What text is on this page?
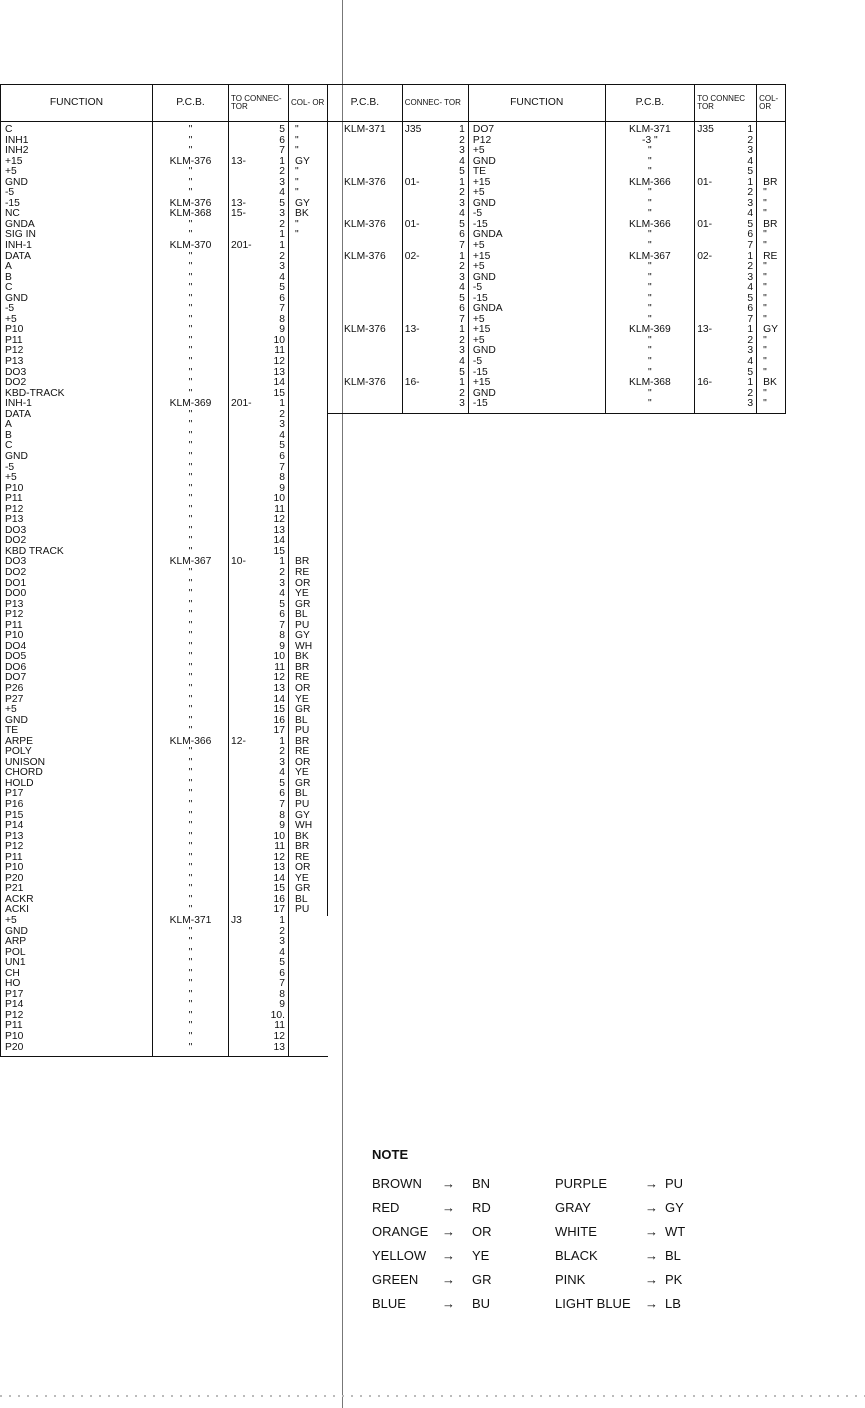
FUNCTION	P.C.B.	TO CONNEC- TOR		COL- OR
C	"		5	"
INH1	"		6	"
INH2	"		7	"
+15	KLM-376	13-	1	GY
+5	"		2	"
GND	"		3	"
-5	"		4	"
-15	KLM-376	13-	5	GY
NC	KLM-368	15-	3	BK
GNDA	"		2	"
SIG IN	"		1	"
INH-1	KLM-370	201-	1	
DATA	"		2	
A	"		3	
B	"		4	
C	"		5	
GND	"		6	
-5	"		7	
+5	"		8	
P10	"		9	
P11	"		10	
P12	"		11	
P13	"		12	
DO3	"		13	
DO2	"		14	
KBD-TRACK	"		15	
INH-1	KLM-369	201-	1	
DATA	"		2	
A	"		3	
B	"		4	
C	"		5	
GND	"		6	
-5	"		7	
+5	"		8	
P10	"		9	
P11	"		10	
P12	"		11	
P13	"		12	
DO3	"		13	
DO2	"		14	
KBD TRACK	"		15	
DO3	KLM-367	10-	1	BR
DO2	"		2	RE
DO1	"		3	OR
DO0	"		4	YE
P13	"		5	GR
P12	"		6	BL
P11	"		7	PU
P10	"		8	GY
DO4	"		9	WH
DO5	"		10	BK
DO6	"		11	BR
DO7	"		12	RE
P26	"		13	OR
P27	"		14	YE
+5	"		15	GR
GND	"		16	BL
TE	"		17	PU
ARPE	KLM-366	12-	1	BR
POLY	"		2	RE
UNISON	"		3	OR
CHORD	"		4	YE
HOLD	"		5	GR
P17	"		6	BL
P16	"		7	PU
P15	"		8	GY
P14	"		9	WH
P13	"		10	BK
P12	"		11	BR
P11	"		12	RE
P10	"		13	OR
P20	"		14	YE
P21	"		15	GR
ACKR	"		16	BL
ACKI	"		17	PU
+5	KLM-371	J3	1	
GND	"		2	
ARP	"		3	
POL	"		4	
UN1	"		5	
CH	"		6	
HO	"		7	
P17	"		8	
P14	"		9	
P12	"		10.	
P11	"		11	
P10	"		12	
P20	"		13	
P.C.B.	CONNEC- TOR		FUNCTION	P.C.B.	TO CONNEC TOR		COL- OR
KLM-371	J35	1	DO7	KLM-371	J35	1	
		2	P12	-3 "		2	
		3	+5	"		3	
		4	GND	"		4	
		5	TE	"		5	
KLM-376	01-	1	+15	KLM-366	01-	1	BR
		2	+5	"		2	"
		3	GND	"		3	"
		4	-5	"		4	"
KLM-376	01-	5	-15	KLM-366	01-	5	BR
		6	GNDA	"		6	"
		7	+5	"		7	"
KLM-376	02-	1	+15	KLM-367	02-	1	RE
		2	+5	"		2	"
		3	GND	"		3	"
		4	-5	"		4	"
		5	-15	"		5	"
		6	GNDA	"		6	"
		7	+5	"		7	"
KLM-376	13-	1	+15	KLM-369	13-	1	GY
		2	+5	"		2	"
		3	GND	"		3	"
		4	-5	"		4	"
		5	-15	"		5	"
KLM-376	16-	1	+15	KLM-368	16-	1	BK
		2	GND	"		2	"
		3	-15	"		3	"
NOTE
BROWN	→	BN	PURPLE	→ PU
RED	→	RD	GRAY	→ GY
ORANGE	→	OR	WHITE	→ WT
YELLOW	→	YE	BLACK	→ BL
GREEN	→	GR	PINK	→ PK
BLUE	→	BU	LIGHT BLUE	→ LB
